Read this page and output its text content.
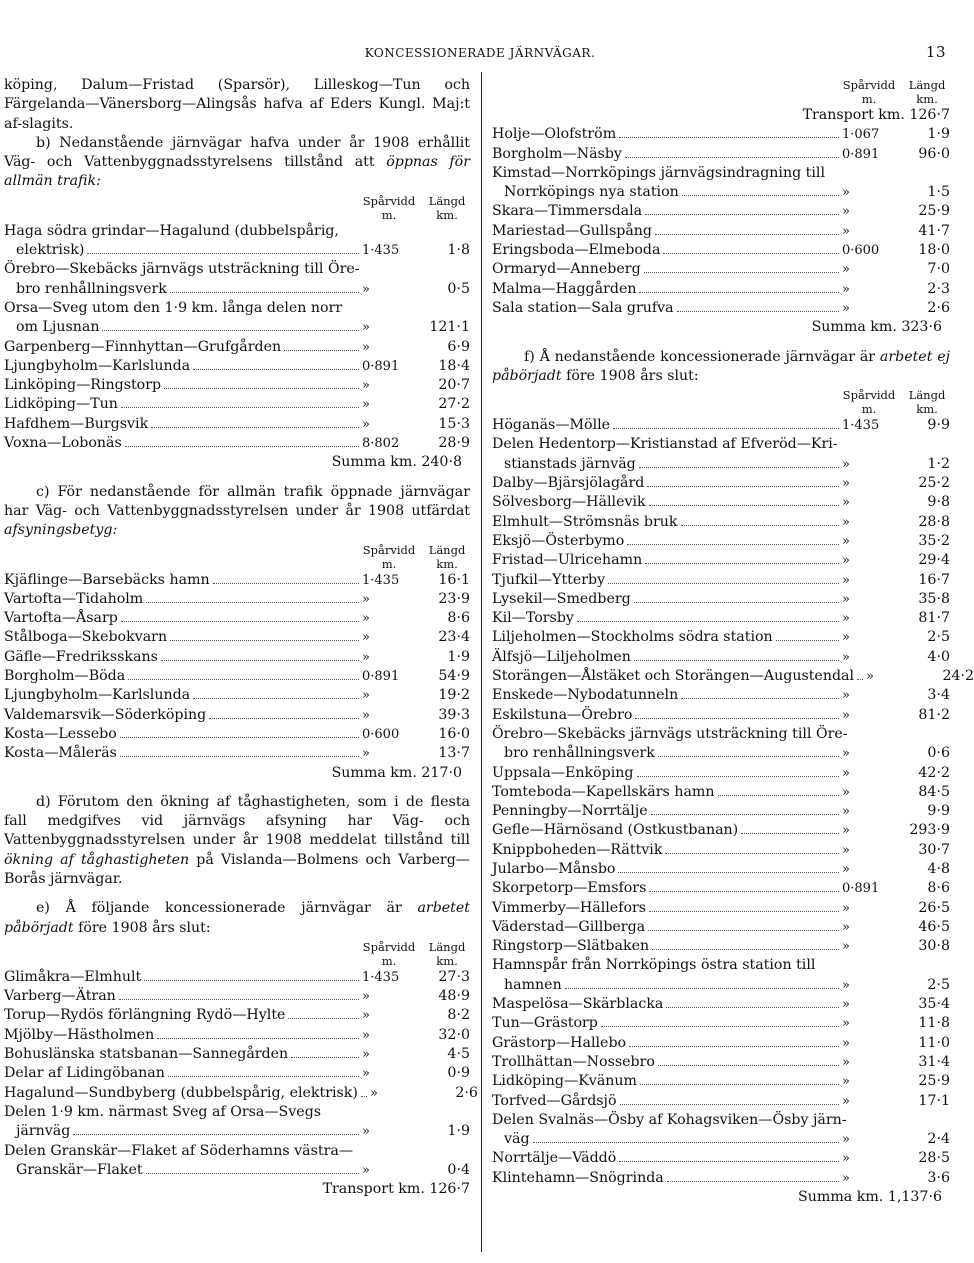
KONCESSIONERADE JÄRNVÄGAR.	13

köping, Dalum—Fristad (Sparsör), Lilleskog—Tun och Färgelanda—Vänersborg—Alingsås hafva af Eders Kungl. Maj:t af-slagits.

b) Nedanstående järnvägar hafva under år 1908 erhållit Väg- och Vattenbyggnadsstyrelsens tillstånd att öppnas för allmän trafik:

Spårvidd
m.
Längd
km.
Haga södra grindar—Hagalund (dubbelspårig,
elektrisk)	1·435	1·8
Örebro—Skebäcks järnvägs utsträckning till Öre-
bro renhållningsverk	»	0·5
Orsa—Sveg utom den 1·9 km. långa delen norr
om Ljusnan	»	121·1
Garpenberg—Finnhyttan—Grufgården	»	6·9
Ljungbyholm—Karlslunda	0·891	18·4
Linköping—Ringstorp	»	20·7
Lidköping—Tun	»	27·2
Hafdhem—Burgsvik	»	15·3
Voxna—Lobonäs	8·802	28·9
Summa km. 240·8

c) För nedanstående för allmän trafik öppnade järnvägar har Väg- och Vattenbyggnadsstyrelsen under år 1908 utfärdat afsyningsbetyg:

Spårvidd
m.
Längd
km.
Kjäflinge—Barsebäcks hamn	1·435	16·1
Vartofta—Tidaholm	»	23·9
Vartofta—Åsarp	»	8·6
Stålboga—Skebokvarn	»	23·4
Gäfle—Fredriksskans	»	1·9
Borgholm—Böda	0·891	54·9
Ljungbyholm—Karlslunda	»	19·2
Valdemarsvik—Söderköping	»	39·3
Kosta—Lessebo	0·600	16·0
Kosta—Måleräs	»	13·7
Summa km. 217·0

d) Förutom den ökning af tåghastigheten, som i de flesta fall medgifves vid järnvägs afsyning har Väg- och Vattenbyggnadsstyrelsen under år 1908 meddelat tillstånd till ökning af tåghastigheten på Vislanda—Bolmens och Varberg—Borås järnvägar.

e) Å följande koncessionerade järnvägar är arbetet påbörjadt före 1908 års slut:

Spårvidd
m.
Längd
km.
Glimåkra—Elmhult	1·435	27·3
Varberg—Ätran	»	48·9
Torup—Rydös förlängning Rydö—Hylte	»	8·2
Mjölby—Hästholmen	»	32·0
Bohuslänska statsbanan—Sannegården	»	4·5
Delar af Lidingöbanan	»	0·9
Hagalund—Sundbyberg (dubbelspårig, elektrisk) »	2·6
Delen 1·9 km. närmast Sveg af Orsa—Svegs
järnväg	»	1·9
Delen Granskär—Flaket af Söderhamns västra—
Granskär—Flaket	»	0·4
Transport km. 126·7
Spårvidd
m.
Längd
km.
Transport km. 126·7
Holje—Olofström	1·067	1·9
Borgholm—Näsby	0·891	96·0
Kimstad—Norrköpings järnvägsindragning till
Norrköpings nya station	»	1·5
Skara—Timmersdala	»	25·9
Mariestad—Gullspång	»	41·7
Eringsboda—Elmeboda	0·600	18·0
Ormaryd—Anneberg	»	7·0
Malma—Haggården	»	2·3
Sala station—Sala grufva	»	2·6
Summa km. 323·6

f) Å nedanstående koncessionerade järnvägar är arbetet ej påbörjadt före 1908 års slut:

Spårvidd
m.
Längd
km.
Höganäs—Mölle	1·435	9·9
Delen Hedentorp—Kristianstad af Efveröd—Kri-
stianstads järnväg	»	1·2
Dalby—Bjärsjölagård	»	25·2
Sölvesborg—Hällevik	»	9·8
Elmhult—Strömsnäs bruk	»	28·8
Eksjö—Österbymo	»	35·2
Fristad—Ulricehamn	»	29·4
Tjufkil—Ytterby	»	16·7
Lysekil—Smedberg	»	35·8
Kil—Torsby	»	81·7
Liljeholmen—Stockholms södra station	»	2·5
Älfsjö—Liljeholmen	»	4·0
Storängen—Ålstäket och Storängen—Augustendal »	24·2
Enskede—Nybodatunneln	»	3·4
Eskilstuna—Örebro	»	81·2
Örebro—Skebäcks järnvägs utsträckning till Öre-
bro renhållningsverk	»	0·6
Uppsala—Enköping	»	42·2
Tomteboda—Kapellskärs hamn	»	84·5
Penningby—Norrtälje	»	9·9
Gefle—Härnösand (Ostkustbanan)	»	293·9
Knippboheden—Rättvik	»	30·7
Jularbo—Månsbo	»	4·8
Skorpetorp—Emsfors	0·891	8·6
Vimmerby—Hällefors	»	26·5
Väderstad—Gillberga	»	46·5
Ringstorp—Slätbaken	»	30·8
Hamnspår från Norrköpings östra station till
hamnen	»	2·5
Maspelösa—Skärblacka	»	35·4
Tun—Grästorp	»	11·8
Grästorp—Hallebo	»	11·0
Trollhättan—Nossebro	»	31·4
Lidköping—Kvänum	»	25·9
Torfved—Gårdsjö	»	17·1
Delen Svalnäs—Ösby af Kohagsviken—Ösby järn-
väg	»	2·4
Norrtälje—Väddö	»	28·5
Klintehamn—Snögrinda	»	3·6
Summa km. 1,137·6
